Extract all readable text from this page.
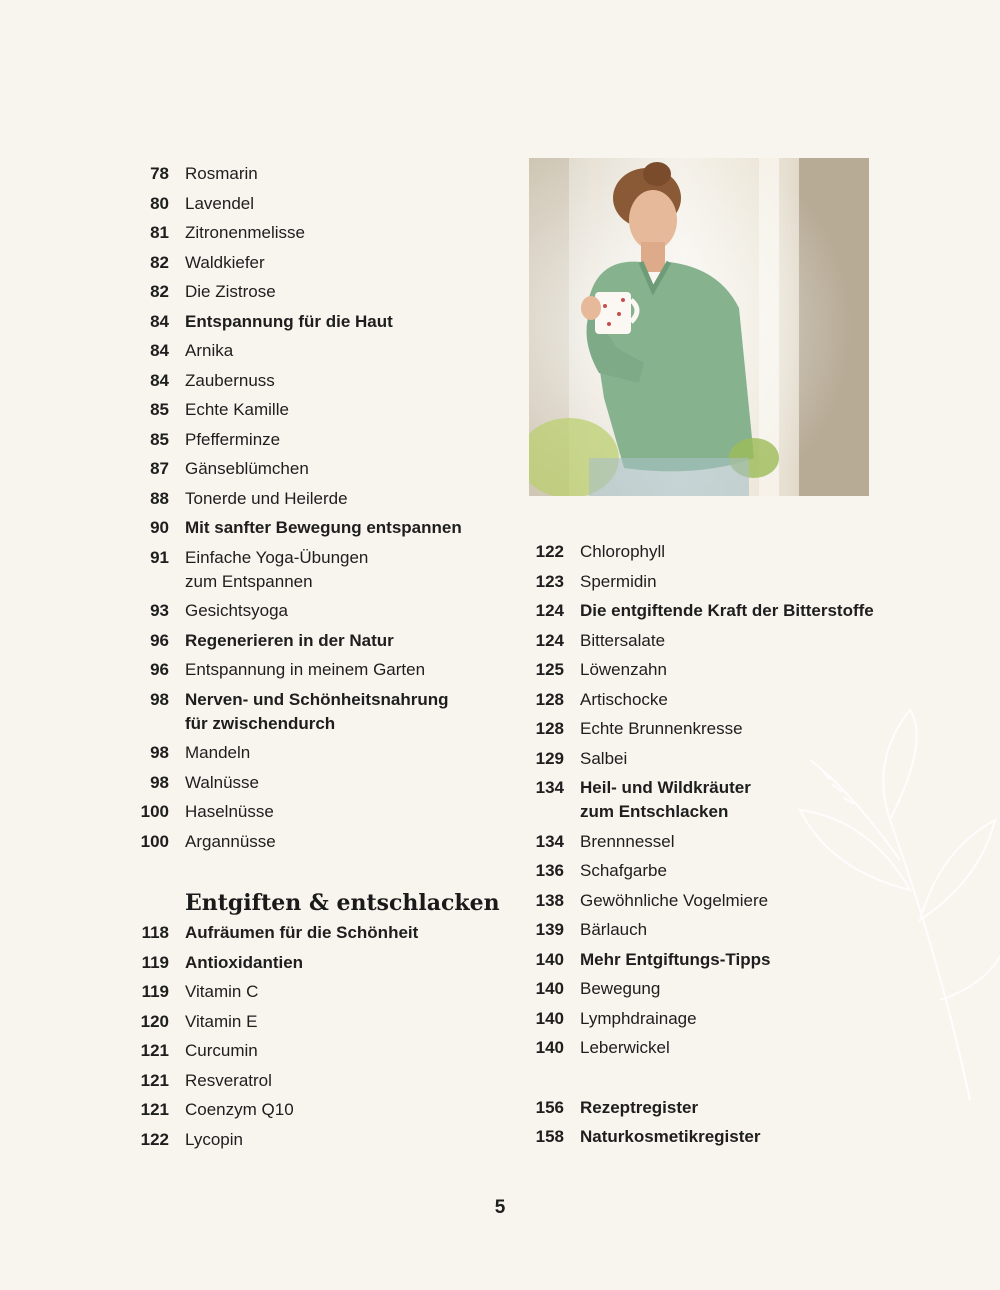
78 Rosmarin
80 Lavendel
81 Zitronenmelisse
82 Waldkiefer
82 Die Zistrose
84 Entspannung für die Haut
84 Arnika
84 Zaubernuss
85 Echte Kamille
85 Pfefferminze
87 Gänseblümchen
88 Tonerde und Heilerde
90 Mit sanfter Bewegung entspannen
91 Einfache Yoga-Übungen
zum Entspannen
93 Gesichtsyoga
96 Regenerieren in der Natur
96 Entspannung in meinem Garten
98 Nerven- und Schönheitsnahrung
für zwischendurch
98 Mandeln
98 Walnüsse
100 Haselnüsse
100 Argannüsse
Entgiften & entschlacken
118 Aufräumen für die Schönheit
119 Antioxidantien
119 Vitamin C
120 Vitamin E
121 Curcumin
121 Resveratrol
121 Coenzym Q10
122 Lycopin
122 Chlorophyll
123 Spermidin
124 Die entgiftende Kraft der Bitterstoffe
124 Bittersalate
125 Löwenzahn
128 Artischocke
128 Echte Brunnenkresse
129 Salbei
134 Heil- und Wildkräuter
zum Entschlacken
134 Brennnessel
136 Schafgarbe
138 Gewöhnliche Vogelmiere
139 Bärlauch
140 Mehr Entgiftungs-Tipps
140 Bewegung
140 Lymphdrainage
140 Leberwickel
156 Rezeptregister
158 Naturkosmetikregister
5
